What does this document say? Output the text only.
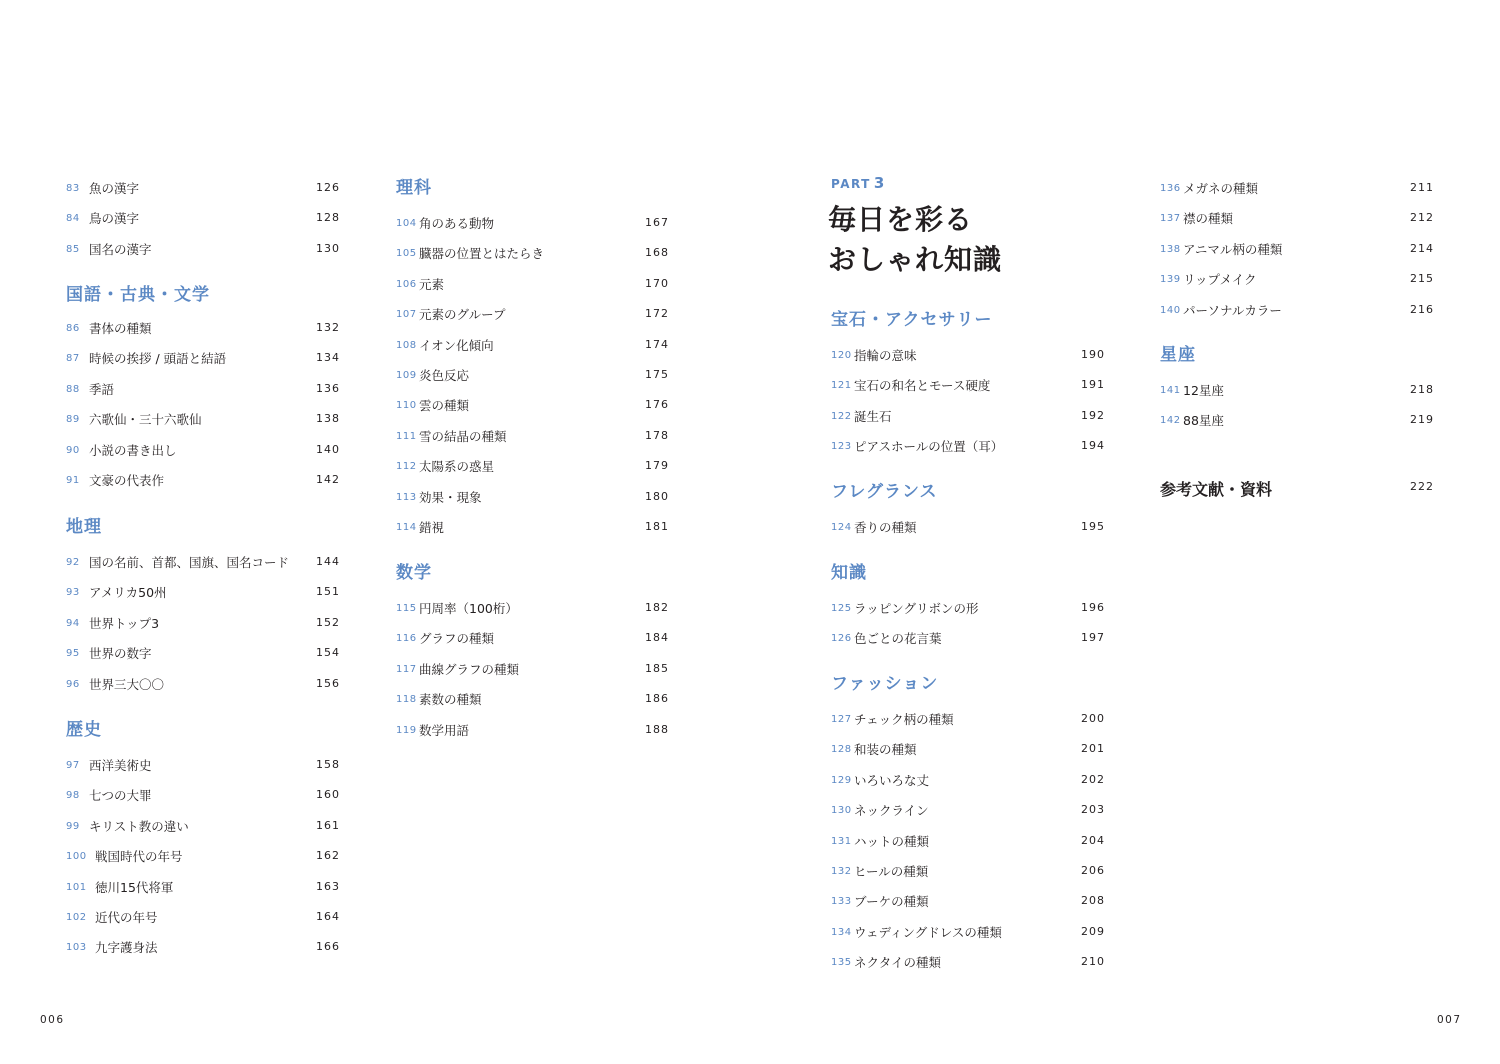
83 魚の漢字	126
84 鳥の漢字	128
85 国名の漢字	130
国語・古典・文学
86 書体の種類	132
87 時候の挨拶 / 頭語と結語	134
88 季語	136
89 六歌仙・三十六歌仙	138
90 小説の書き出し	140
91 文豪の代表作	142
地理
92 国の名前、首都、国旗、国名コード 144
93 アメリカ50州	151
94 世界トップ3	152
95 世界の数字	154
96 世界三大〇〇	156
歴史
97 西洋美術史	158
98 七つの大罪	160
99 キリスト教の違い	161
100 戦国時代の年号	162
101 徳川15代将軍	163
102 近代の年号	164
103 九字護身法	166
理科
104 角のある動物	167
105 臓器の位置とはたらき	168
106 元素	170
107 元素のグループ	172
108 イオン化傾向	174
109 炎色反応	175
110 雲の種類	176
111 雪の結晶の種類	178
112 太陽系の惑星	179
113 効果・現象	180
114 錯視	181
数学
115 円周率（100桁）	182
116 グラフの種類	184
117 曲線グラフの種類	185
118 素数の種類	186
119 数学用語	188
PART 3
毎日を彩る
おしゃれ知識
宝石・アクセサリー
120 指輪の意味	190
121 宝石の和名とモース硬度	191
122 誕生石	192
123 ピアスホールの位置（耳）	194
フレグランス
124 香りの種類	195
知識
125 ラッピングリボンの形	196
126 色ごとの花言葉	197
ファッション
127 チェック柄の種類	200
128 和装の種類	201
129 いろいろな丈	202
130 ネックライン	203
131 ハットの種類	204
132 ヒールの種類	206
133 ブーケの種類	208
134 ウェディングドレスの種類	209
135 ネクタイの種類	210
136 メガネの種類	211
137 襟の種類	212
138 アニマル柄の種類	214
139 リップメイク	215
140 パーソナルカラー	216
星座
141 12星座	218
142 88星座	219
参考文献・資料	222
006	007
